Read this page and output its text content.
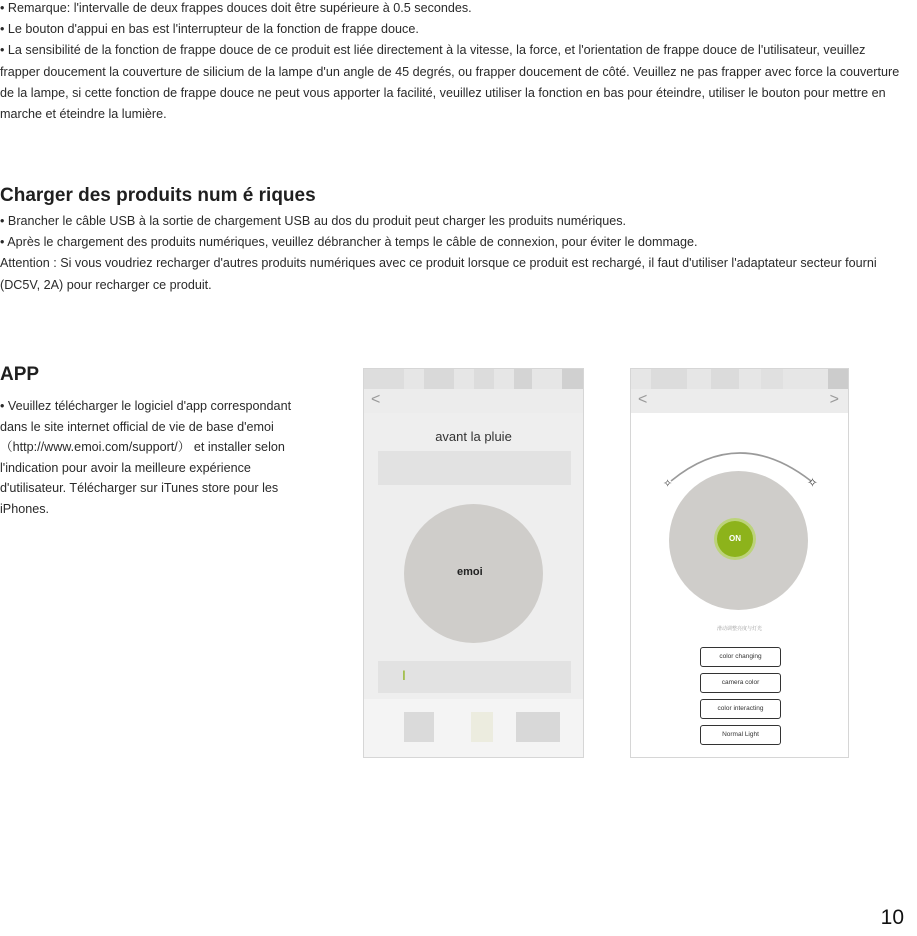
• Remarque: l'intervalle de deux frappes douces doit être supérieure à 0.5 secondes.

• Le bouton d'appui en bas est l'interrupteur de la fonction de frappe douce.

• La sensibilité de la fonction de frappe douce de ce produit est liée directement à la vitesse, la force, et l'orientation de frappe douce de l'utilisateur, veuillez frapper doucement la couverture de silicium de la lampe d'un angle de 45 degrés, ou frapper doucement de côté. Veuillez ne pas frapper avec force la couverture de la lampe, si cette fonction de frappe douce ne peut vous apporter la facilité, veuillez utiliser la fonction en bas pour éteindre, utiliser le bouton pour mettre en marche et éteindre la lumière.

Charger des produits num é riques

• Brancher le câble USB à la sortie de chargement USB au dos du produit peut charger les produits numériques.

• Après le chargement des produits numériques, veuillez débrancher à temps le câble de connexion, pour éviter le dommage.

Attention : Si vous voudriez recharger d'autres produits numériques avec ce produit lorsque ce produit est rechargé, il faut d'utiliser l'adaptateur secteur fourni (DC5V, 2A) pour recharger ce produit.

APP

• Veuillez télécharger le logiciel d'app correspondant dans le site internet official de vie de base d'emoi （http://www.emoi.com/support/） et installer selon l'indication pour avoir la meilleure expérience d'utilisateur. Télécharger sur iTunes store pour les iPhones.

<
avant la pluie
emoi
I
<	>
✧	✧
ON
滑动调整亮度与灯光
color changing
camera color
color interacting
Normal Light
10
